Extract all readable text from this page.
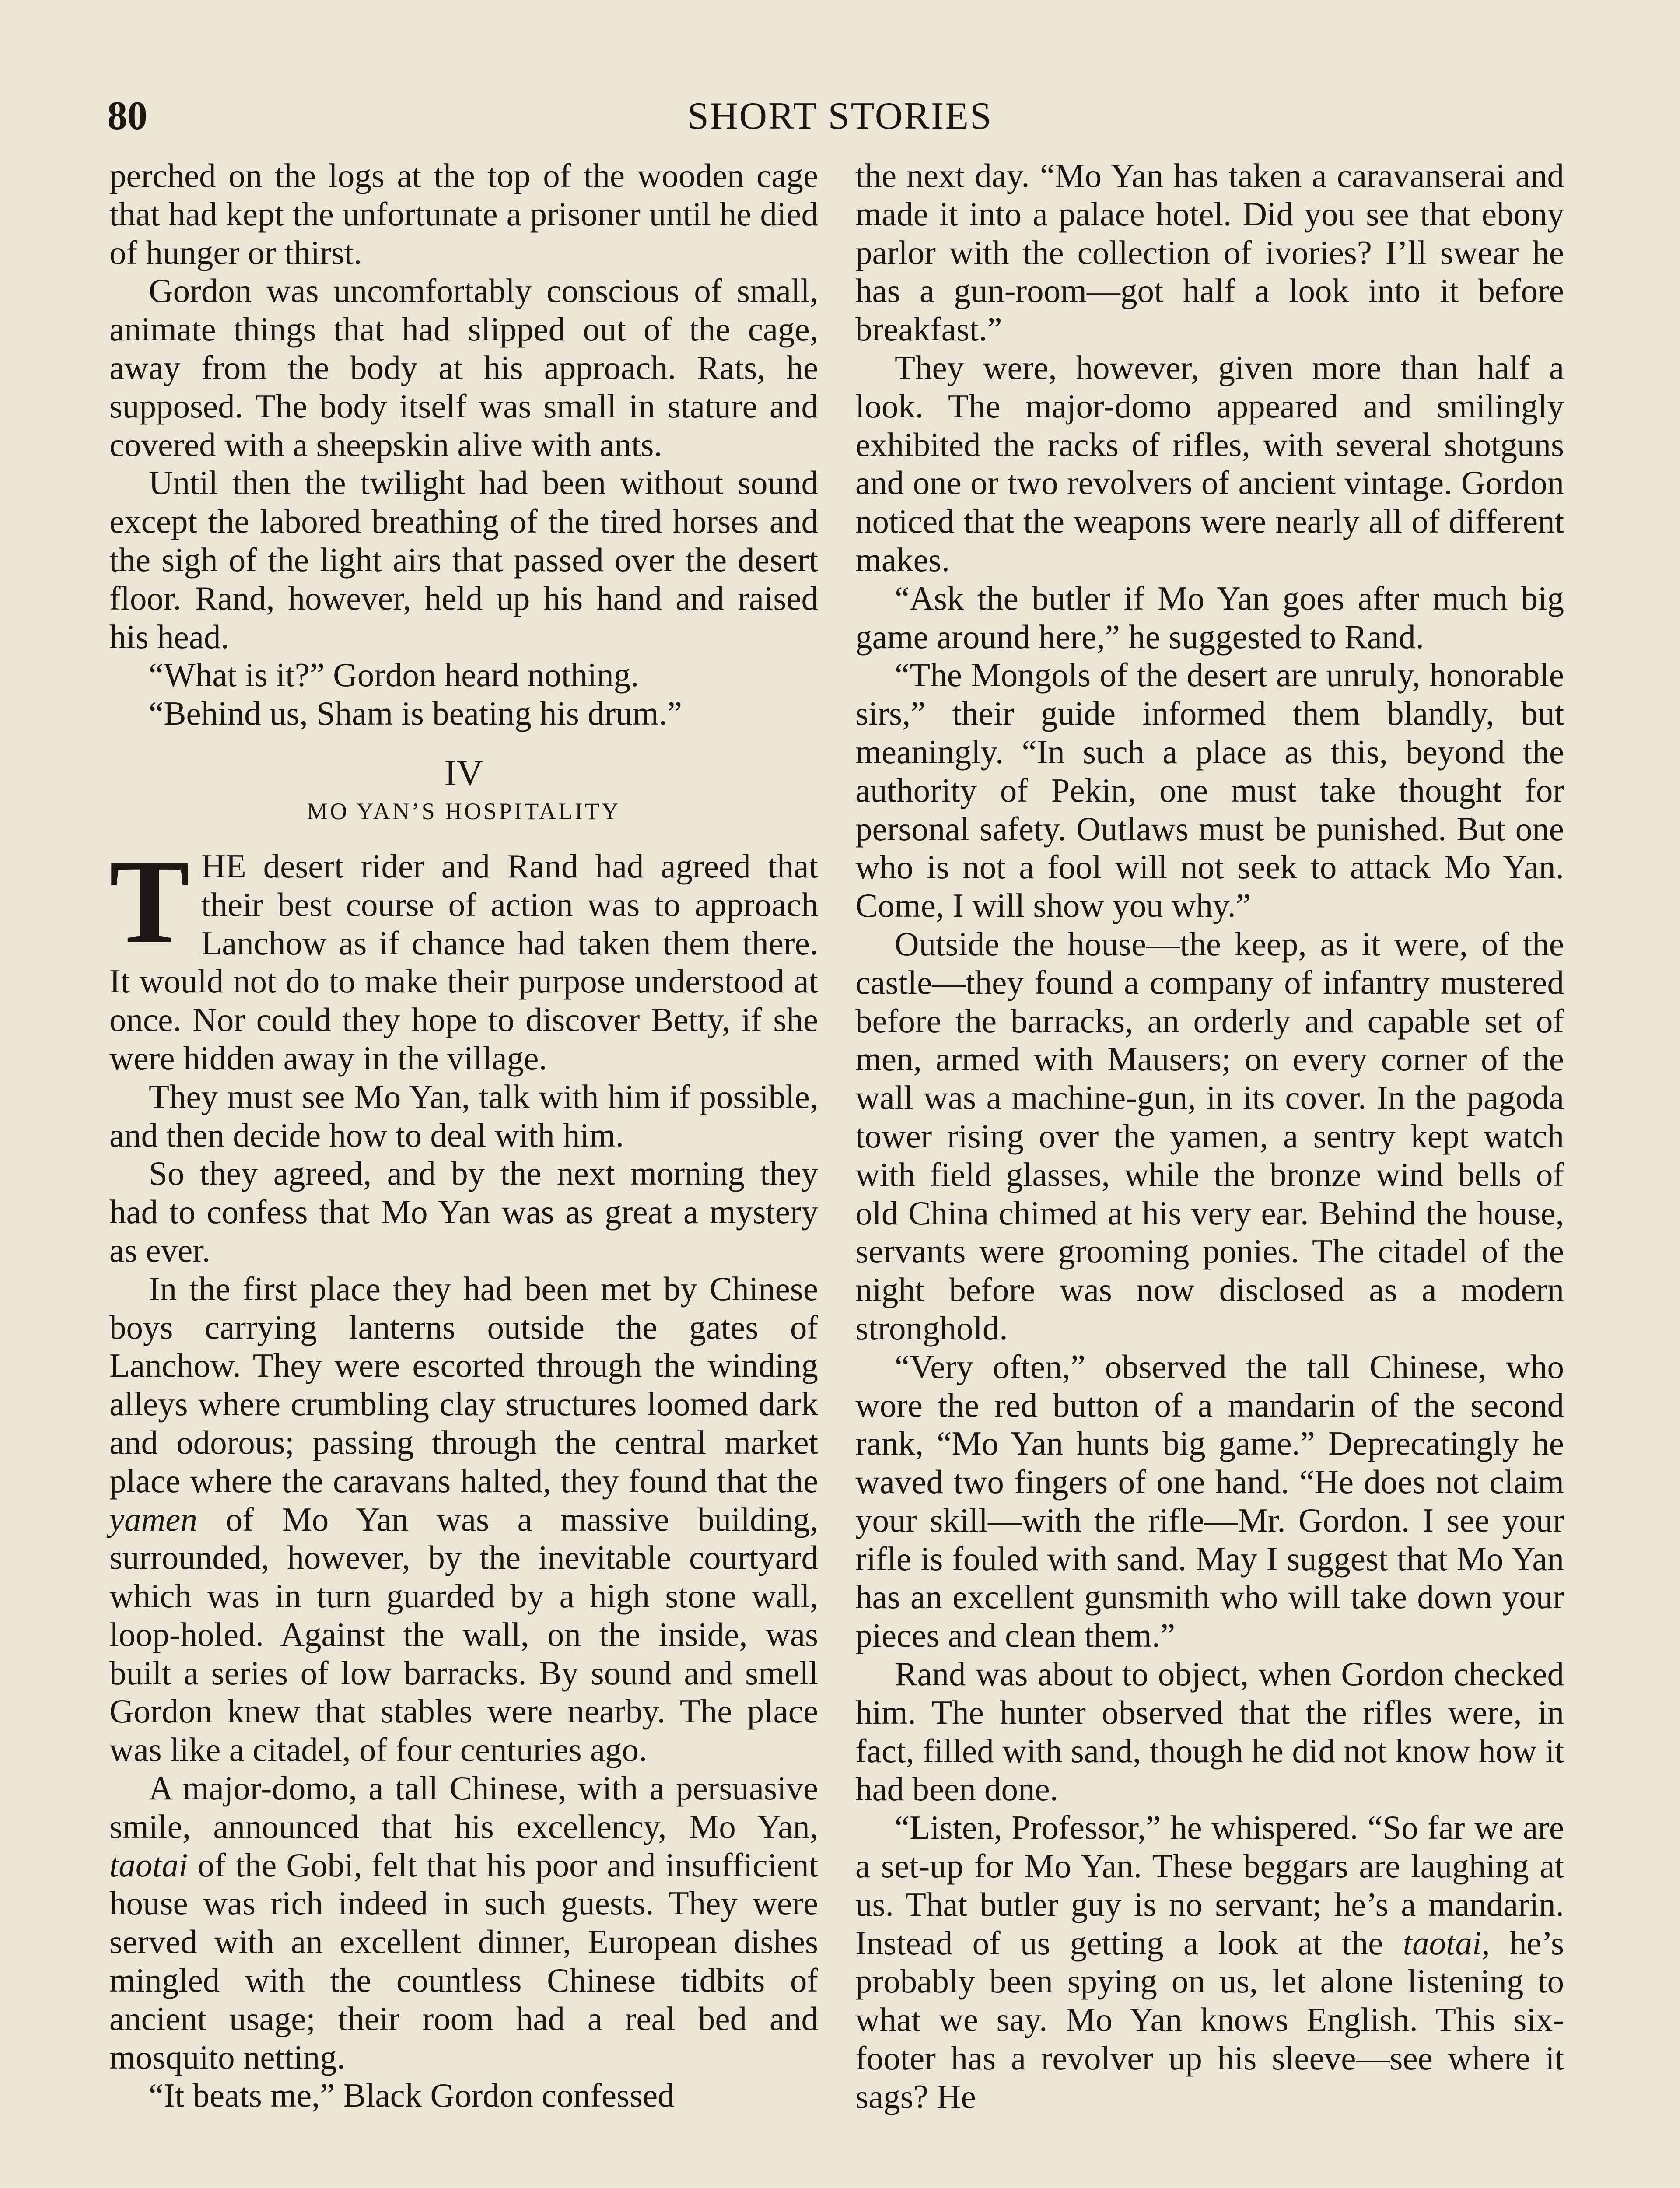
80	SHORT STORIES

perched on the logs at the top of the wooden cage that had kept the unfortunate a prisoner until he died of hunger or thirst.

Gordon was uncomfortably conscious of small, animate things that had slipped out of the cage, away from the body at his approach. Rats, he supposed. The body itself was small in stature and covered with a sheepskin alive with ants.

Until then the twilight had been without sound except the labored breathing of the tired horses and the sigh of the light airs that passed over the desert floor. Rand, however, held up his hand and raised his head.

“What is it?” Gordon heard nothing.

“Behind us, Sham is beating his drum.”

IV
MO YAN’S HOSPITALITY

THE desert rider and Rand had agreed that their best course of action was to approach Lanchow as if chance had taken them there. It would not do to make their purpose understood at once. Nor could they hope to discover Betty, if she were hidden away in the village.

They must see Mo Yan, talk with him if possible, and then decide how to deal with him.

So they agreed, and by the next morning they had to confess that Mo Yan was as great a mystery as ever.

In the first place they had been met by Chinese boys carrying lanterns outside the gates of Lanchow. They were escorted through the winding alleys where crumbling clay structures loomed dark and odorous; passing through the central market place where the caravans halted, they found that the yamen of Mo Yan was a massive building, surrounded, however, by the inevitable courtyard which was in turn guarded by a high stone wall, loop-holed. Against the wall, on the inside, was built a series of low barracks. By sound and smell Gordon knew that stables were nearby. The place was like a citadel, of four centuries ago.

A major-domo, a tall Chinese, with a persuasive smile, announced that his excellency, Mo Yan, taotai of the Gobi, felt that his poor and insufficient house was rich indeed in such guests. They were served with an excellent dinner, European dishes mingled with the countless Chinese tidbits of ancient usage; their room had a real bed and mosquito netting.

“It beats me,” Black Gordon confessed

the next day. “Mo Yan has taken a caravanserai and made it into a palace hotel. Did you see that ebony parlor with the collection of ivories? I’ll swear he has a gun-room—got half a look into it before breakfast.”

They were, however, given more than half a look. The major-domo appeared and smilingly exhibited the racks of rifles, with several shotguns and one or two revolvers of ancient vintage. Gordon noticed that the weapons were nearly all of different makes.

“Ask the butler if Mo Yan goes after much big game around here,” he suggested to Rand.

“The Mongols of the desert are unruly, honorable sirs,” their guide informed them blandly, but meaningly. “In such a place as this, beyond the authority of Pekin, one must take thought for personal safety. Outlaws must be punished. But one who is not a fool will not seek to attack Mo Yan. Come, I will show you why.”

Outside the house—the keep, as it were, of the castle—they found a company of infantry mustered before the barracks, an orderly and capable set of men, armed with Mausers; on every corner of the wall was a machine-gun, in its cover. In the pagoda tower rising over the yamen, a sentry kept watch with field glasses, while the bronze wind bells of old China chimed at his very ear. Behind the house, servants were grooming ponies. The citadel of the night before was now disclosed as a modern stronghold.

“Very often,” observed the tall Chinese, who wore the red button of a mandarin of the second rank, “Mo Yan hunts big game.” Deprecatingly he waved two fingers of one hand. “He does not claim your skill—with the rifle—Mr. Gordon. I see your rifle is fouled with sand. May I suggest that Mo Yan has an excellent gunsmith who will take down your pieces and clean them.”

Rand was about to object, when Gordon checked him. The hunter observed that the rifles were, in fact, filled with sand, though he did not know how it had been done.

“Listen, Professor,” he whispered. “So far we are a set-up for Mo Yan. These beggars are laughing at us. That butler guy is no servant; he’s a mandarin. Instead of us getting a look at the taotai, he’s probably been spying on us, let alone listening to what we say. Mo Yan knows English. This six-footer has a revolver up his sleeve—see where it sags? He
